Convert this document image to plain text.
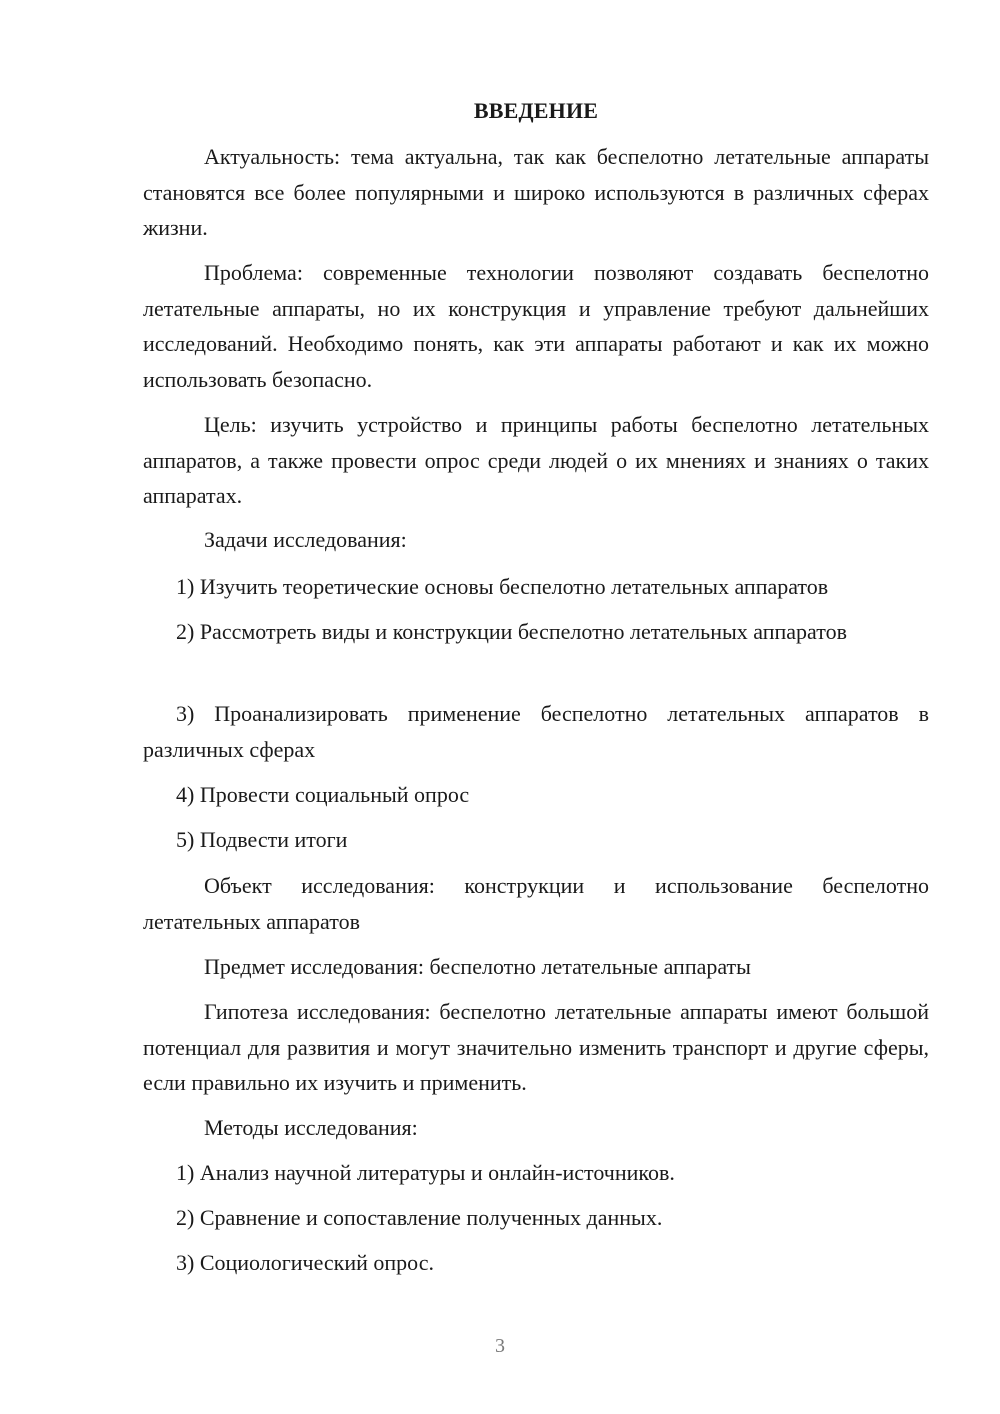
ВВЕДЕНИЕ

Актуальность: тема актуальна, так как беспелотно летательные аппараты становятся все более популярными и широко используются в различных сферах жизни.

Проблема: современные технологии позволяют создавать беспелотно летательные аппараты, но их конструкция и управление требуют дальнейших исследований. Необходимо понять, как эти аппараты работают и как их можно использовать безопасно.

Цель: изучить устройство и принципы работы беспелотно летательных аппаратов, а также провести опрос среди людей о их мнениях и знаниях о таких аппаратах.

Задачи исследования:

1) Изучить теоретические основы беспелотно летательных аппаратов

2) Рассмотреть виды и конструкции беспелотно летательных аппаратов

3) Проанализировать применение беспелотно летательных аппаратов в различных сферах

4) Провести социальный опрос

5) Подвести итоги

Объект исследования: конструкции и использование беспелотно летательных аппаратов

Предмет исследования: беспелотно летательные аппараты

Гипотеза исследования: беспелотно летательные аппараты имеют большой потенциал для развития и могут значительно изменить транспорт и другие сферы, если правильно их изучить и применить.

Методы исследования:

1) Анализ научной литературы и онлайн-источников.

2) Сравнение и сопоставление полученных данных.

3) Социологический опрос.

3
